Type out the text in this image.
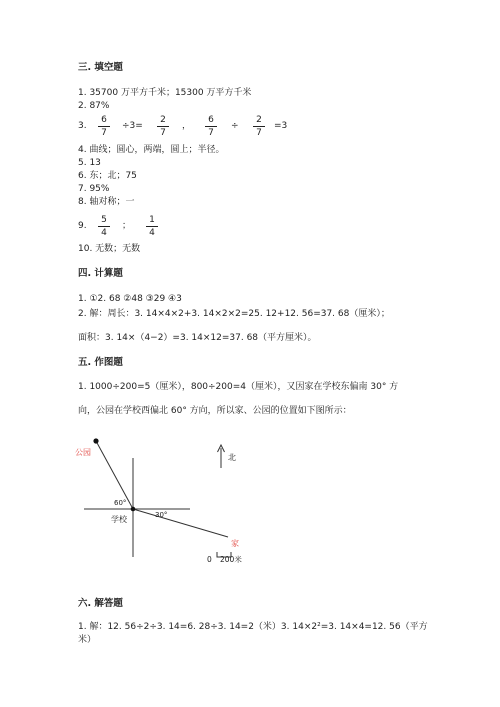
三. 填空题
1. 35700 万平方千米；15300 万平方千米
2. 87%
3.
6
7
÷3=
2
7
，
6
7
÷
2
7
=3
4. 曲线；圆心，两端，圆上；半径。
5. 13
6. 东；北；75
7. 95%
8. 轴对称；一
9.
5
4
；
1
4
10. 无数；无数
四. 计算题
1. ①2. 68 ②48 ③29 ④3
2. 解：周长：3. 14×4×2+3. 14×2×2=25. 12+12. 56=37. 68（厘米）；
面积：3. 14×（4−2）=3. 14×12=37. 68（平方厘米）。
五. 作图题
1. 1000÷200=5（厘米），800÷200=4（厘米），又因家在学校东偏南 30° 方
向，公园在学校西偏北 60° 方向，所以家、公园的位置如下图所示：
公园
北
60°
学校	30°
家
0 200米
六. 解答题
1. 解：12. 56÷2÷3. 14=6. 28÷3. 14=2（米）3. 14×2²=3. 14×4=12. 56（平方
米）
